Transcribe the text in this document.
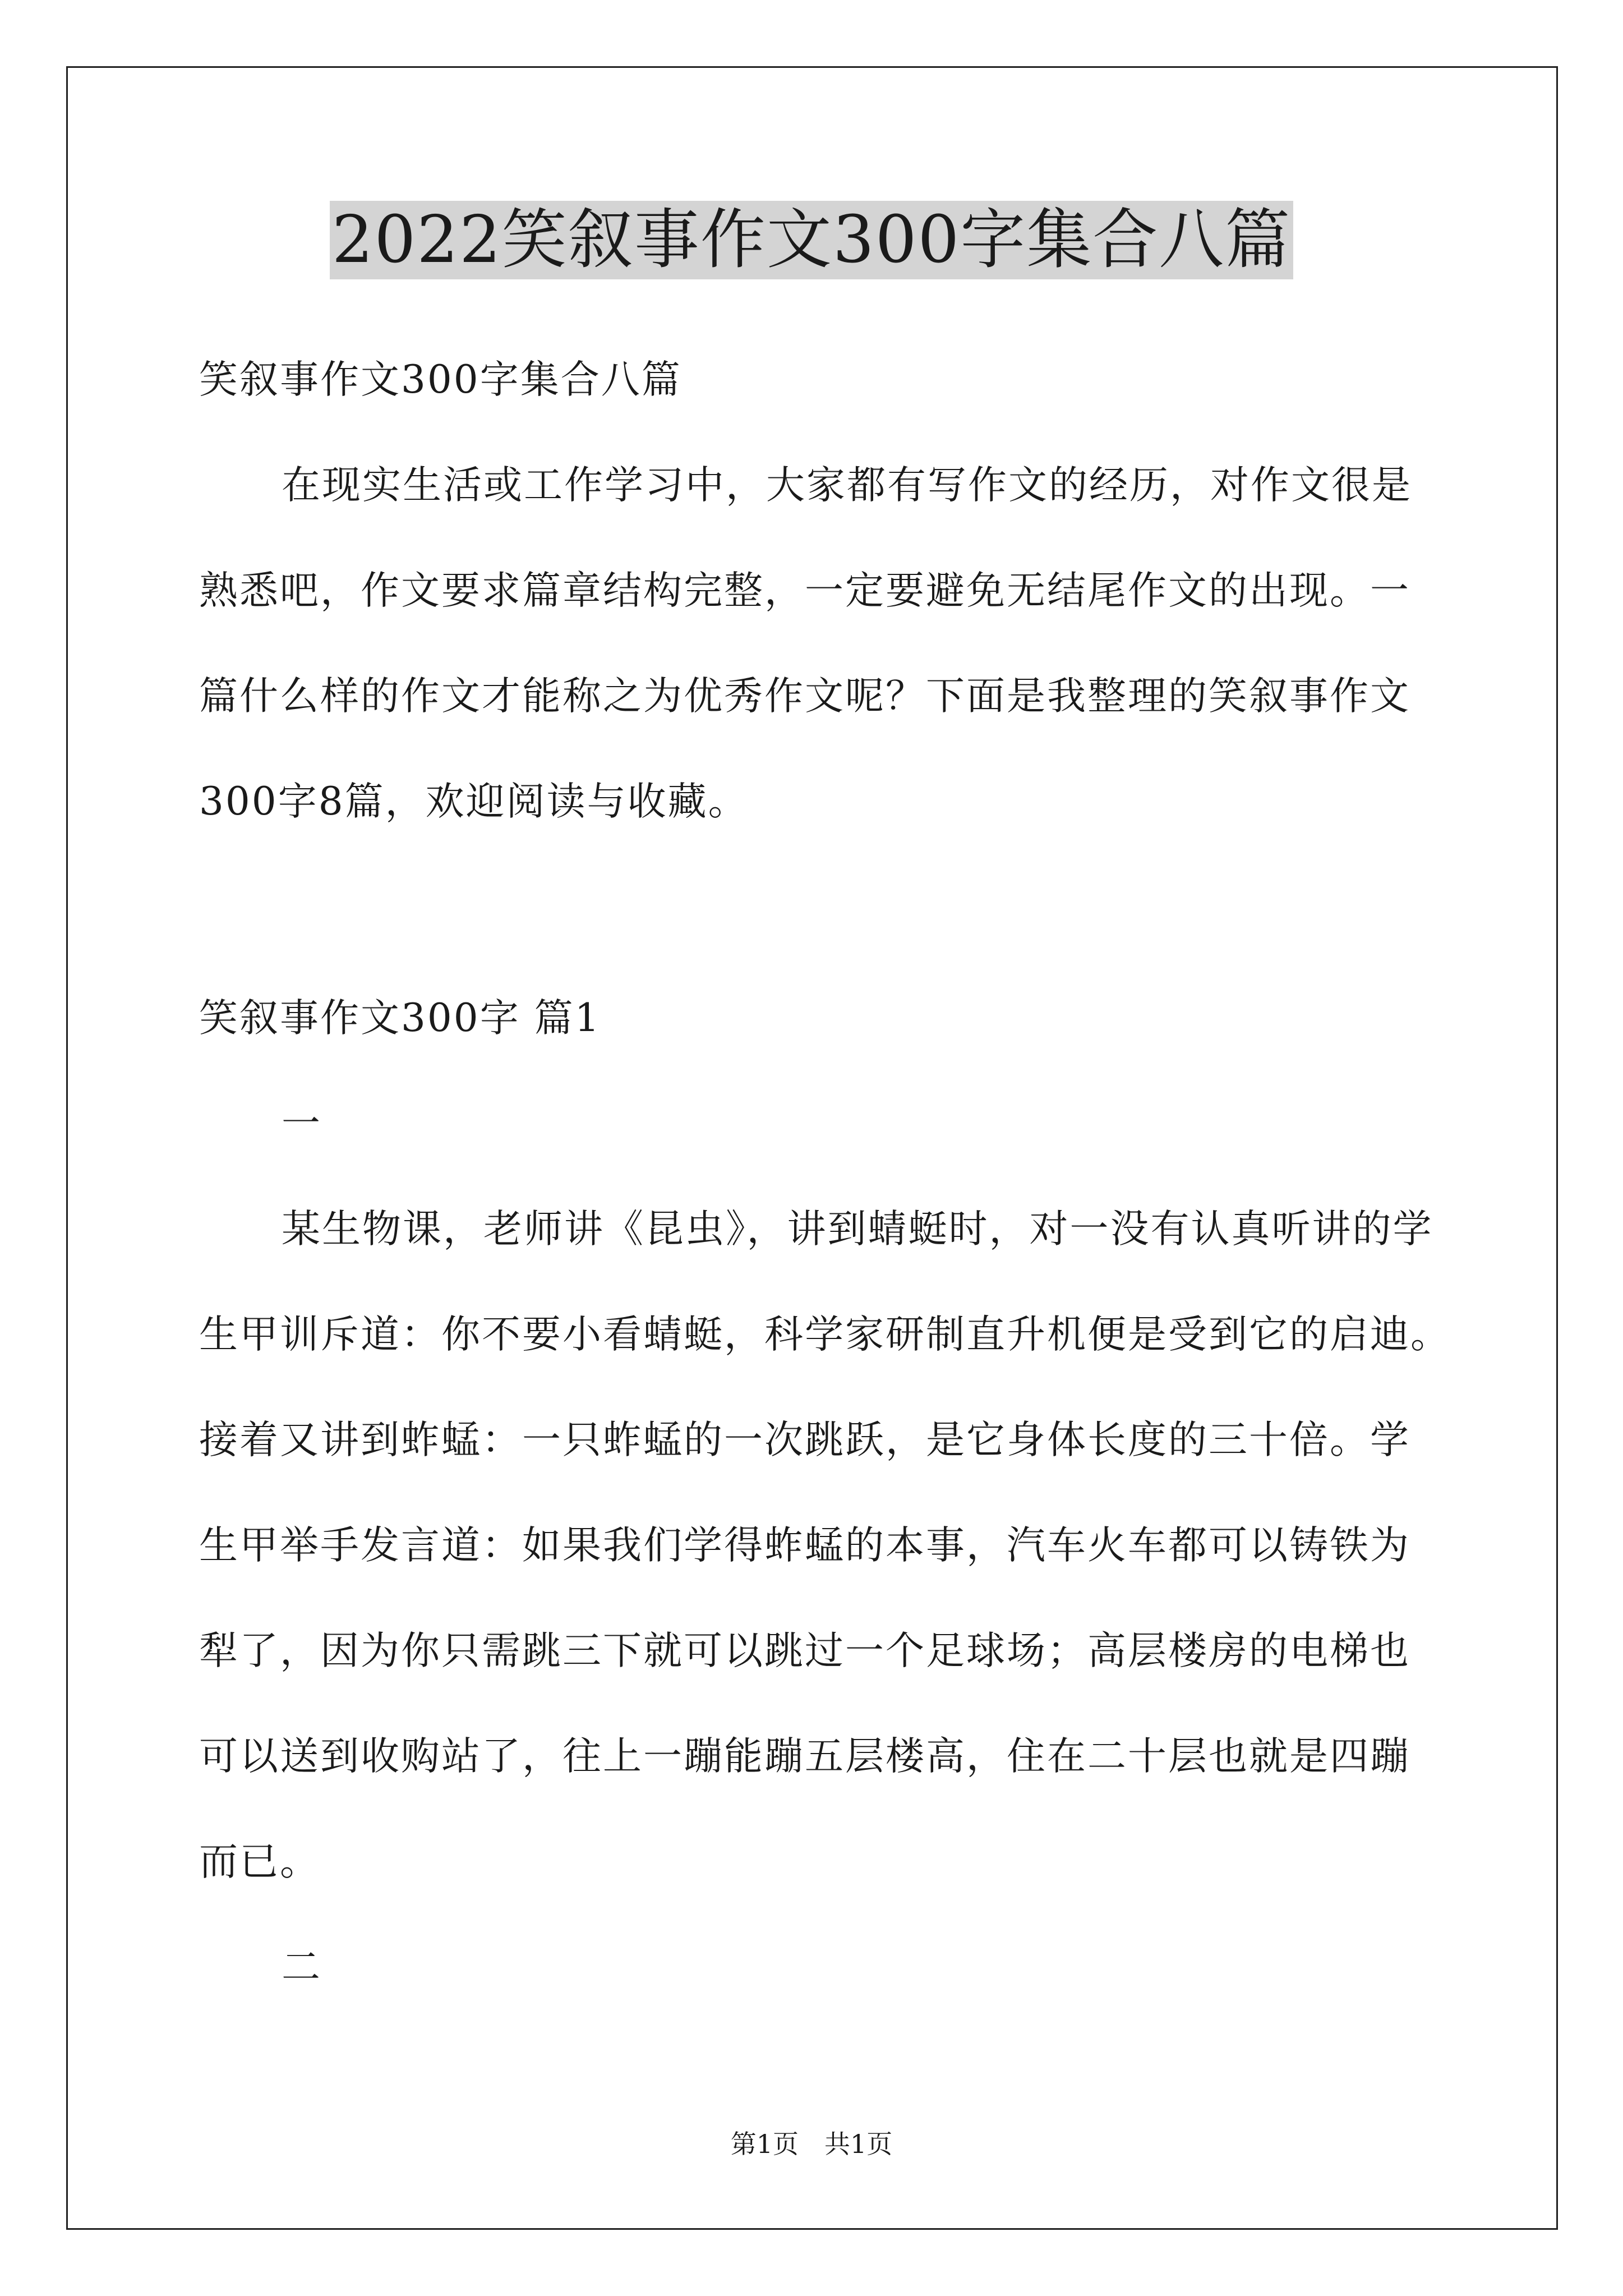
2022笑叙事作文300字集合八篇
笑叙事作文300字集合八篇
在现实生活或工作学习中，大家都有写作文的经历，对作文很是
熟悉吧，作文要求篇章结构完整，一定要避免无结尾作文的出现。一
篇什么样的作文才能称之为优秀作文呢？下面是我整理的笑叙事作文
300字8篇，欢迎阅读与收藏。
笑叙事作文300字 篇1
一
某生物课，老师讲《昆虫》，讲到蜻蜓时，对一没有认真听讲的学
生甲训斥道：你不要小看蜻蜓，科学家研制直升机便是受到它的启迪。
接着又讲到蚱蜢：一只蚱蜢的一次跳跃，是它身体长度的三十倍。学
生甲举手发言道：如果我们学得蚱蜢的本事，汽车火车都可以铸铁为
犁了，因为你只需跳三下就可以跳过一个足球场；高层楼房的电梯也
可以送到收购站了，往上一蹦能蹦五层楼高，住在二十层也就是四蹦
而已。
二
第1页 共1页
